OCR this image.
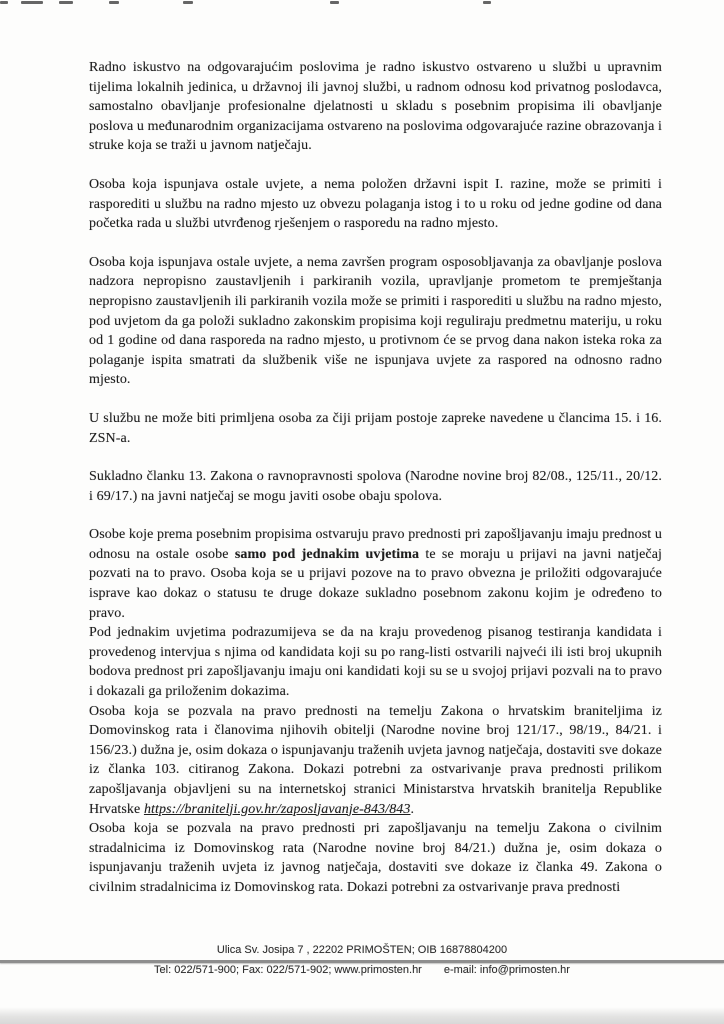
Radno iskustvo na odgovarajućim poslovima je radno iskustvo ostvareno u službi u upravnim tijelima lokalnih jedinica, u državnoj ili javnoj službi, u radnom odnosu kod privatnog poslodavca, samostalno obavljanje profesionalne djelatnosti u skladu s posebnim propisima ili obavljanje poslova u međunarodnim organizacijama ostvareno na poslovima odgovarajuće razine obrazovanja i struke koja se traži u javnom natječaju.

Osoba koja ispunjava ostale uvjete, a nema položen državni ispit I. razine, može se primiti i rasporediti u službu na radno mjesto uz obvezu polaganja istog i to u roku od jedne godine od dana početka rada u službi utvrđenog rješenjem o rasporedu na radno mjesto.

Osoba koja ispunjava ostale uvjete, a nema završen program osposobljavanja za obavljanje poslova nadzora nepropisno zaustavljenih i parkiranih vozila, upravljanje prometom te premještanja nepropisno zaustavljenih ili parkiranih vozila može se primiti i rasporediti u službu na radno mjesto, pod uvjetom da ga položi sukladno zakonskim propisima koji reguliraju predmetnu materiju, u roku od 1 godine od dana rasporeda na radno mjesto, u protivnom će se prvog dana nakon isteka roka za polaganje ispita smatrati da službenik više ne ispunjava uvjete za raspored na odnosno radno mjesto.

U službu ne može biti primljena osoba za čiji prijam postoje zapreke navedene u člancima 15. i 16. ZSN-a.

Sukladno članku 13. Zakona o ravnopravnosti spolova (Narodne novine broj 82/08., 125/11., 20/12. i 69/17.) na javni natječaj se mogu javiti osobe obaju spolova.

Osobe koje prema posebnim propisima ostvaruju pravo prednosti pri zapošljavanju imaju prednost u odnosu na ostale osobe samo pod jednakim uvjetima te se moraju u prijavi na javni natječaj pozvati na to pravo. Osoba koja se u prijavi pozove na to pravo obvezna je priložiti odgovarajuće isprave kao dokaz o statusu te druge dokaze sukladno posebnom zakonu kojim je određeno to pravo.

Pod jednakim uvjetima podrazumijeva se da na kraju provedenog pisanog testiranja kandidata i provedenog intervjua s njima od kandidata koji su po rang-listi ostvarili najveći ili isti broj ukupnih bodova prednost pri zapošljavanju imaju oni kandidati koji su se u svojoj prijavi pozvali na to pravo i dokazali ga priloženim dokazima.

Osoba koja se pozvala na pravo prednosti na temelju Zakona o hrvatskim braniteljima iz Domovinskog rata i članovima njihovih obitelji (Narodne novine broj 121/17., 98/19., 84/21. i 156/23.) dužna je, osim dokaza o ispunjavanju traženih uvjeta javnog natječaja, dostaviti sve dokaze iz članka 103. citiranog Zakona. Dokazi potrebni za ostvarivanje prava prednosti prilikom zapošljavanja objavljeni su na internetskoj stranici Ministarstva hrvatskih branitelja Republike Hrvatske https://branitelji.gov.hr/zaposljavanje-843/843.

Osoba koja se pozvala na pravo prednosti pri zapošljavanju na temelju Zakona o civilnim stradalnicima iz Domovinskog rata (Narodne novine broj 84/21.) dužna je, osim dokaza o ispunjavanju traženih uvjeta iz javnog natječaja, dostaviti sve dokaze iz članka 49. Zakona o civilnim stradalnicima iz Domovinskog rata. Dokazi potrebni za ostvarivanje prava prednosti

Ulica Sv. Josipa 7 , 22202 PRIMOŠTEN; OIB 16878804200
Tel: 022/571-900; Fax: 022/571-902; www.primosten.hr e-mail: info@primosten.hr
